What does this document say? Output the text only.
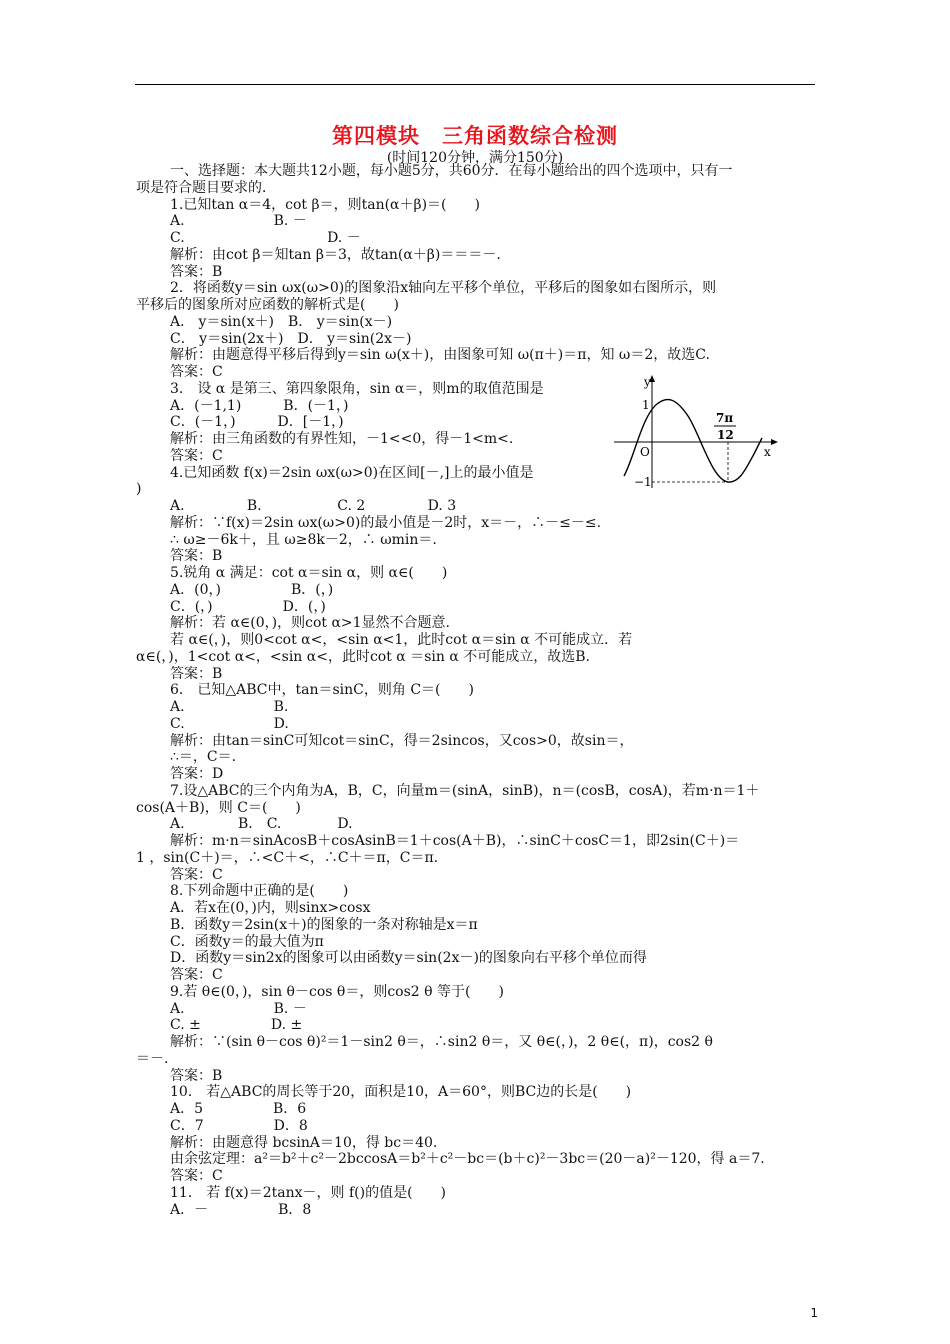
第四模块　三角函数综合检测
(时间120分钟，满分150分)
一、选择题：本大题共12小题，每小题5分，共60分．在每小题给出的四个选项中，只有一
项是符合题目要求的．
1.已知tan α＝4，cot β＝，则tan(α＋β)＝(　　)
A.                    B. －
C.                                D. －
解析：由cot β＝知tan β＝3，故tan(α＋β)＝＝＝－.
答案：B
2．将函数y＝sin ωx(ω>0)的图象沿x轴向左平移个单位，平移后的图象如右图所示，则
平移后的图象所对应函数的解析式是(　　)
A． y＝sin(x＋)　B． y＝sin(x－)
C． y＝sin(2x＋)　D． y＝sin(2x－)
解析：由题意得平移后得到y＝sin ω(x＋)，由图象可知 ω(π＋)＝π，知 ω＝2，故选C.
答案：C
3． 设 α 是第三、第四象限角，sin α＝，则m的取值范围是
A．(－1,1)　　　B．(－1，)
C．(－1，)　　　D．[－1，)
解析：由三角函数的有界性知，－1<<0，得－1<m<.
答案：C
4.已知函数 f(x)＝2sin ωx(ω>0)在区间[－,]上的最小值是
)
A.              B.                 C. 2              D. 3
解析：∵f(x)＝2sin ωx(ω>0)的最小值是－2时，x＝－，∴－≤－≤.
∴ ω≥－6k＋，且 ω≥8k－2，∴ ωmin＝.
答案：B
5.锐角 α 满足：cot α＝sin α，则 α∈(　　)
A．(0，)　　　　　B．(，)
C．(，)　　　　　D．(，)
解析：若 α∈(0，)，则cot α>1显然不合题意.
若 α∈(，)，则0<cot α<，<sin α<1，此时cot α＝sin α 不可能成立．若
α∈(，)，1<cot α<，<sin α<，此时cot α ＝sin α 不可能成立，故选B.
答案：B
6． 已知△ABC中，tan＝sinC，则角 C＝(　　)
A.                    B.
C.                    D.
解析：由tan＝sinC可知cot＝sinC，得＝2sincos，又cos>0，故sin＝，
∴＝，C＝.
答案：D
7.设△ABC的三个内角为A，B，C，向量m＝(sinA，sinB)，n＝(cosB，cosA)，若m·n＝1＋
cos(A＋B)，则 C＝(　　)
A.            B.　C.　　　　D.
解析：m·n＝sinAcosB＋cosAsinB＝1＋cos(A＋B)，∴sinC＋cosC＝1，即2sin(C＋)＝
1 ，sin(C＋)＝，∴<C＋<，∴C＋＝π，C＝π.
答案：C
8.下列命题中正确的是(　　)
A．若x在(0，)内，则sinx>cosx
B．函数y＝2sin(x＋)的图象的一条对称轴是x＝π
C．函数y＝的最大值为π
D．函数y＝sin2x的图象可以由函数y＝sin(2x－)的图象向右平移个单位而得
答案：C
9.若 θ∈(0，)，sin θ－cos θ＝，则cos2 θ 等于(　　)
A.                    B. －
C. ±　　　　　D. ±
解析：∵(sin θ－cos θ)²＝1－sin2 θ＝，∴sin2 θ＝，又 θ∈(，)，2 θ∈(，π)，cos2 θ
＝－.
答案：B
10． 若△ABC的周长等于20，面积是10，A＝60°，则BC边的长是(　　)
A．5　　　　　B．6
C．7　　　　　D．8
解析：由题意得 bcsinA＝10，得 bc＝40.
由余弦定理：a²＝b²＋c²－2bccosA＝b²＋c²－bc＝(b＋c)²－3bc＝(20－a)²－120，得 a＝7.
答案：C
11． 若 f(x)＝2tanx－，则 f()的值是(　　)
A．－　　　　　B．8
y
x
O
1
−1
7π
12
1
